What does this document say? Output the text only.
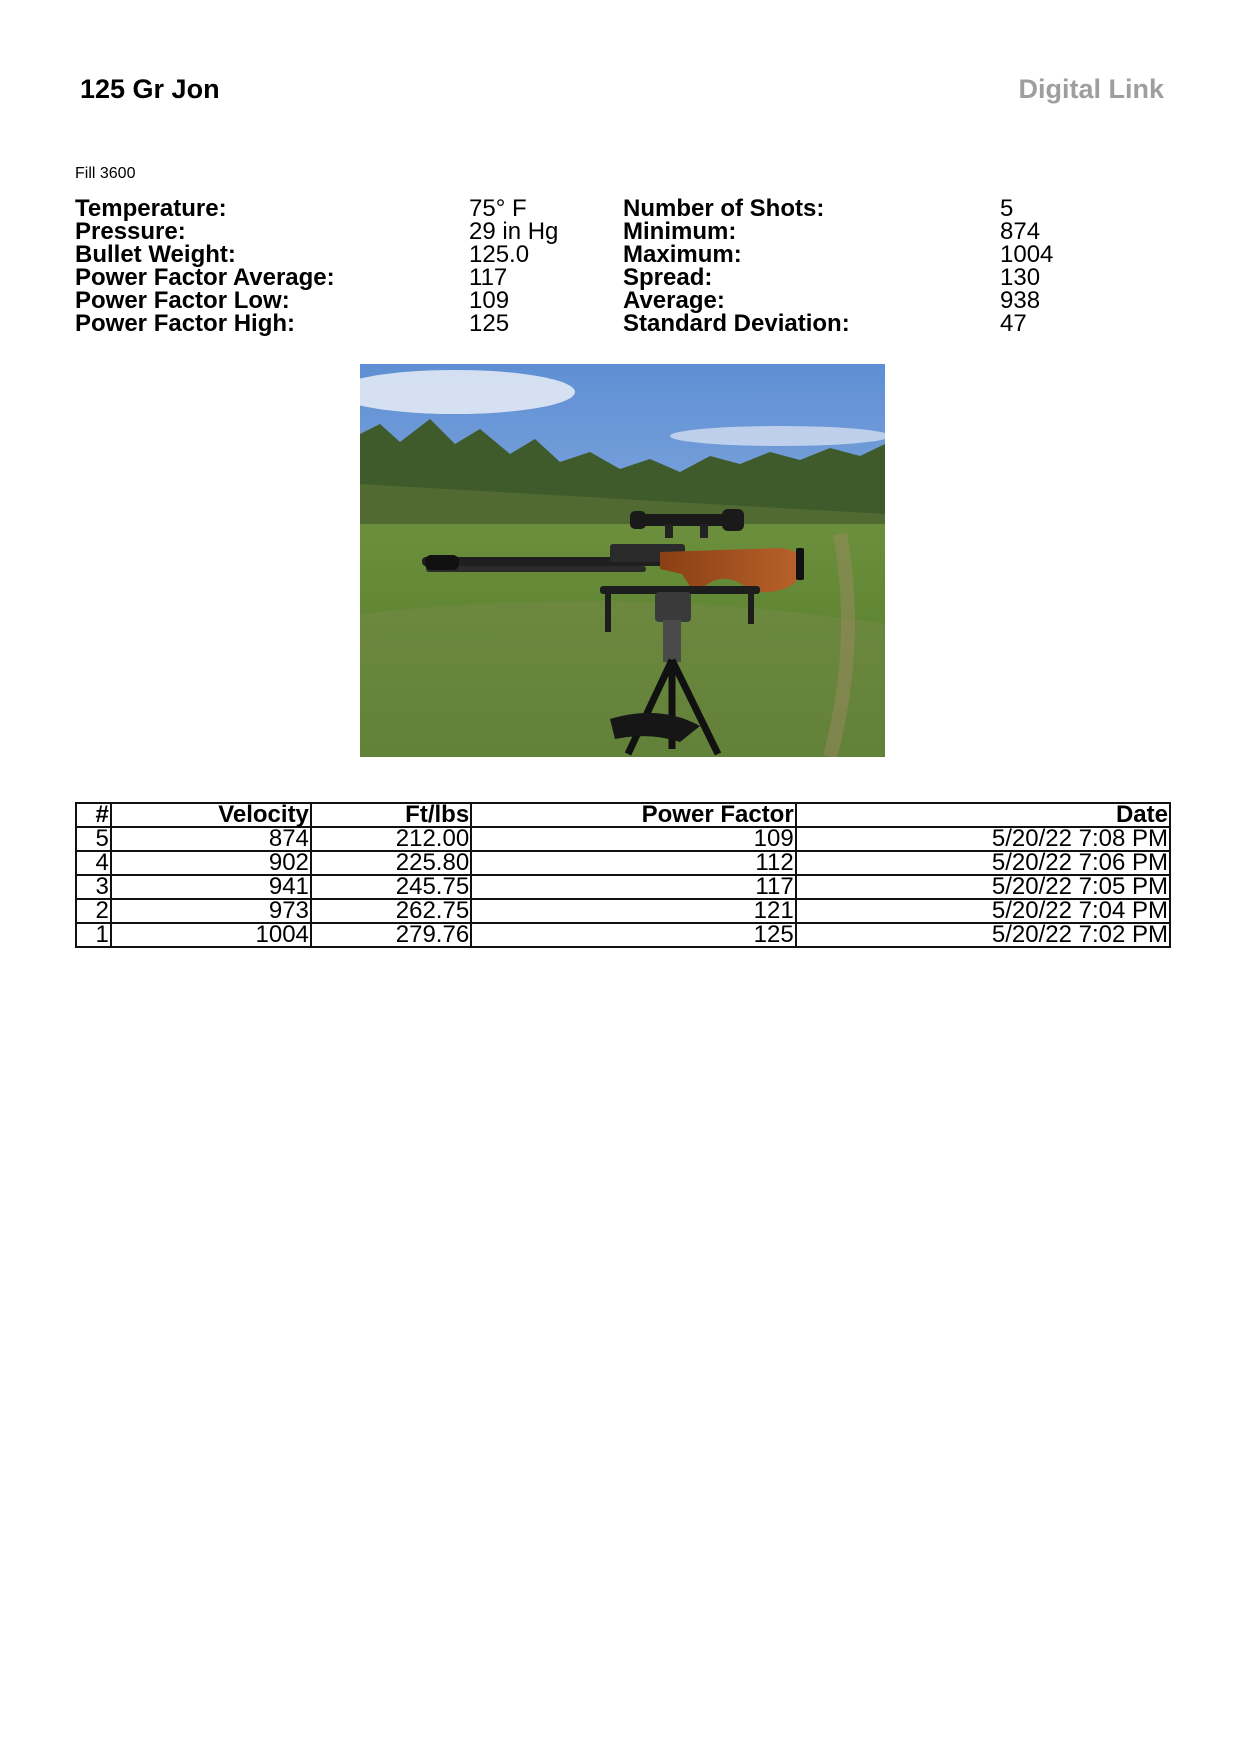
125 Gr Jon	Digital Link
Fill 3600
Temperature:	75° F	Number of Shots:	5
Pressure:	29 in Hg	Minimum:	874
Bullet Weight:	125.0	Maximum:	1004
Power Factor Average:	117	Spread:	130
Power Factor Low:	109	Average:	938
Power Factor High:	125	Standard Deviation:	47
#	Velocity	Ft/lbs	Power Factor	Date
5	874	212.00	109	5/20/22 7:08 PM
4	902	225.80	112	5/20/22 7:06 PM
3	941	245.75	117	5/20/22 7:05 PM
2	973	262.75	121	5/20/22 7:04 PM
1	1004	279.76	125	5/20/22 7:02 PM
